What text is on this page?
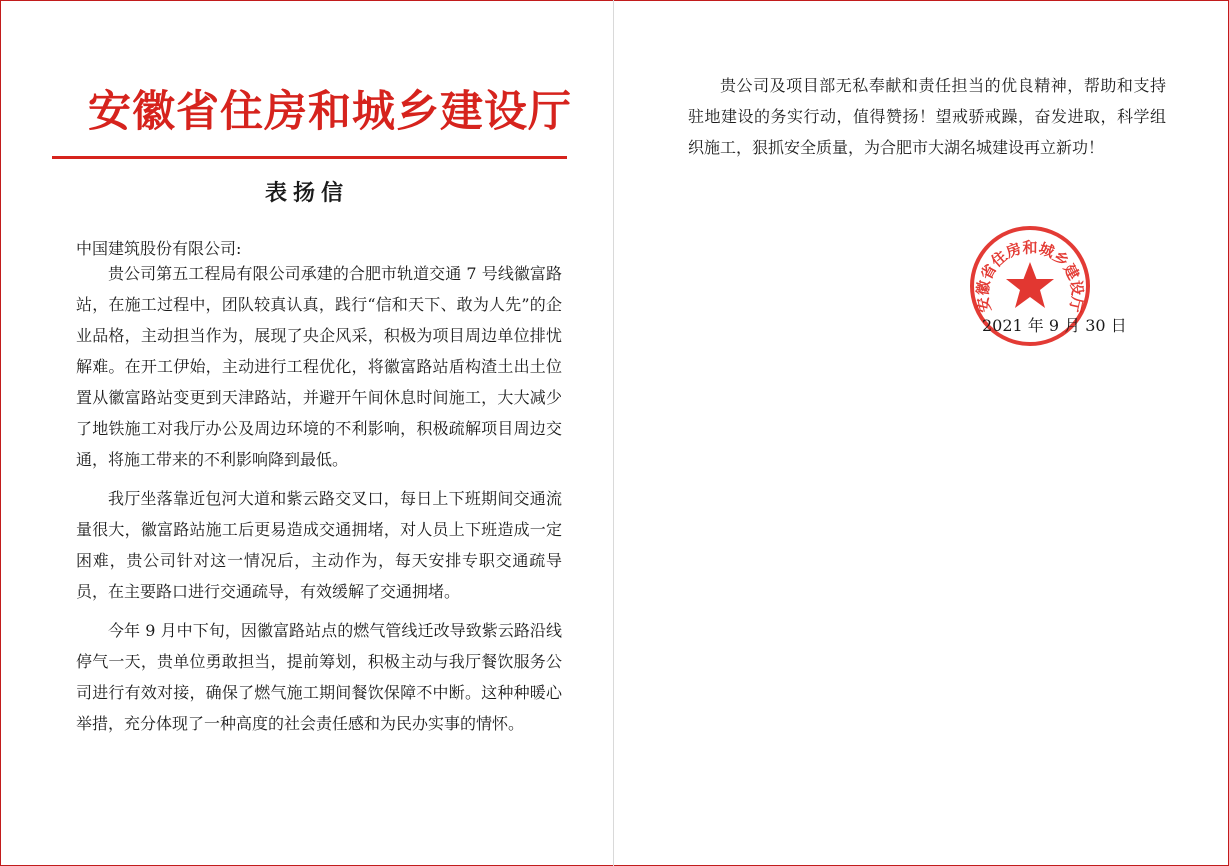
安徽省住房和城乡建设厅
表扬信
中国建筑股份有限公司:

贵公司第五工程局有限公司承建的合肥市轨道交通 7 号线徽富路站，在施工过程中，团队较真认真，践行“信和天下、敢为人先”的企业品格，主动担当作为，展现了央企风采，积极为项目周边单位排忧解难。在开工伊始，主动进行工程优化，将徽富路站盾构渣土出土位置从徽富路站变更到天津路站，并避开午间休息时间施工，大大减少了地铁施工对我厅办公及周边环境的不利影响，积极疏解项目周边交通，将施工带来的不利影响降到最低。

我厅坐落靠近包河大道和紫云路交叉口，每日上下班期间交通流量很大，徽富路站施工后更易造成交通拥堵，对人员上下班造成一定困难，贵公司针对这一情况后，主动作为，每天安排专职交通疏导员，在主要路口进行交通疏导，有效缓解了交通拥堵。

今年 9 月中下旬，因徽富路站点的燃气管线迁改导致紫云路沿线停气一天，贵单位勇敢担当，提前筹划，积极主动与我厅餐饮服务公司进行有效对接，确保了燃气施工期间餐饮保障不中断。这种种暖心举措，充分体现了一种高度的社会责任感和为民办实事的情怀。

贵公司及项目部无私奉献和责任担当的优良精神，帮助和支持驻地建设的务实行动，值得赞扬！望戒骄戒躁，奋发进取，科学组织施工，狠抓安全质量，为合肥市大湖名城建设再立新功！

安徽省住房和城乡建设厅
2021 年 9 月 30 日
